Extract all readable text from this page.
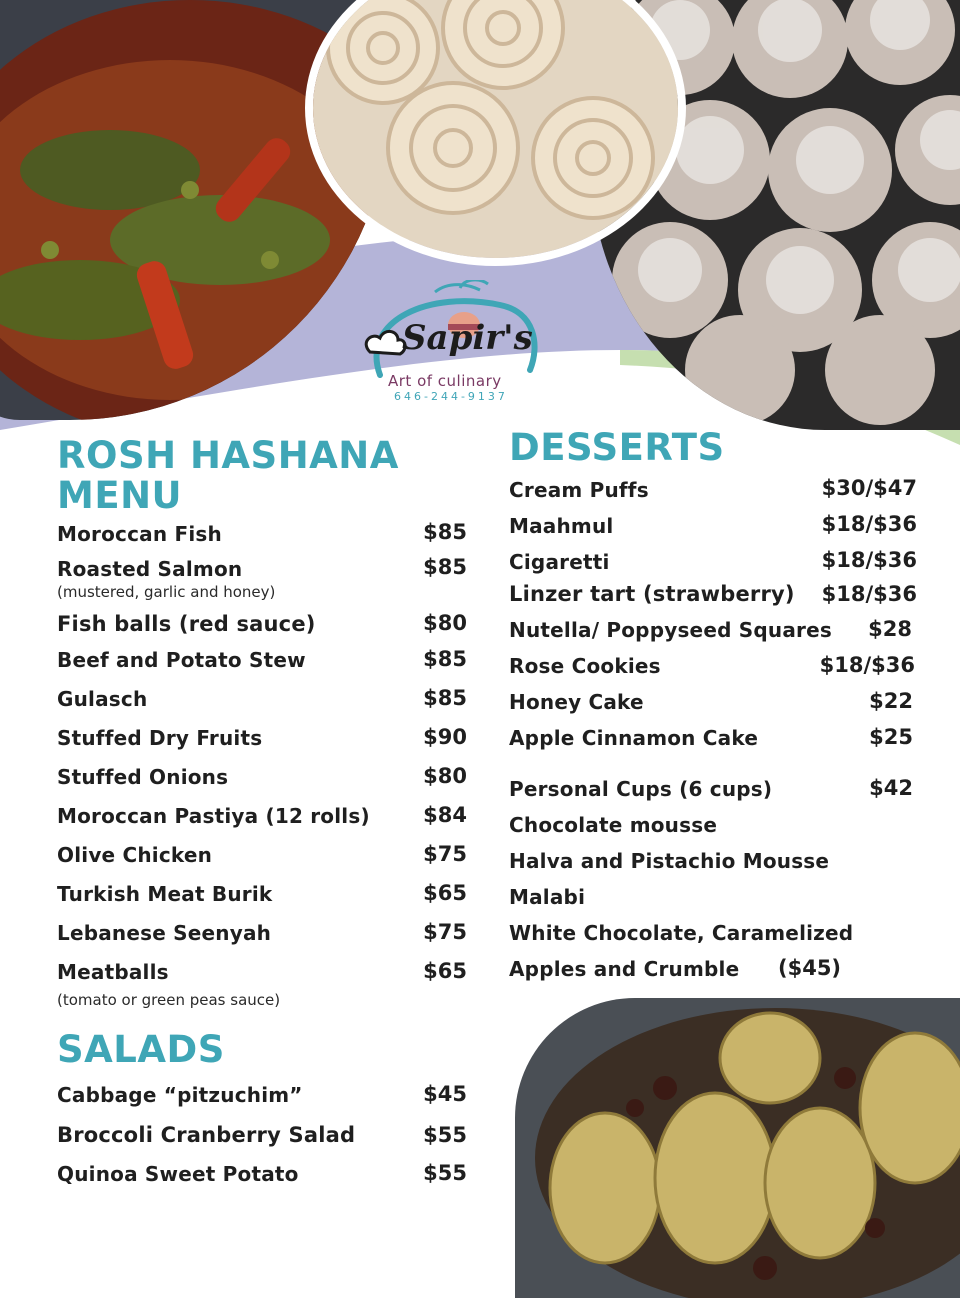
Sapir's
Art of culinary
646-244-9137
ROSH HASHANA MENU
Moroccan Fish	$85
Roasted Salmon	$85
(mustered, garlic and honey)
Fish balls (red sauce)	$80
Beef and Potato Stew	$85
Gulasch	$85
Stuffed Dry Fruits	$90
Stuffed Onions	$80
Moroccan Pastiya (12 rolls)	$84
Olive Chicken	$75
Turkish Meat Burik	$65
Lebanese Seenyah	$75
Meatballs	$65
(tomato or green peas sauce)
SALADS
Cabbage “pitzuchim”	$45
Broccoli Cranberry Salad	$55
Quinoa Sweet Potato	$55
DESSERTS
Cream Puffs	$30/$47
Maahmul	$18/$36
Cigaretti	$18/$36
Linzer tart (strawberry)	$18/$36
Nutella/ Poppyseed Squares	$28
Rose Cookies	$18/$36
Honey Cake	$22
Apple Cinnamon Cake	$25
Personal Cups (6 cups)	$42
Chocolate mousse
Halva and Pistachio Mousse
Malabi
White Chocolate, Caramelized
Apples and Crumble ($45)
